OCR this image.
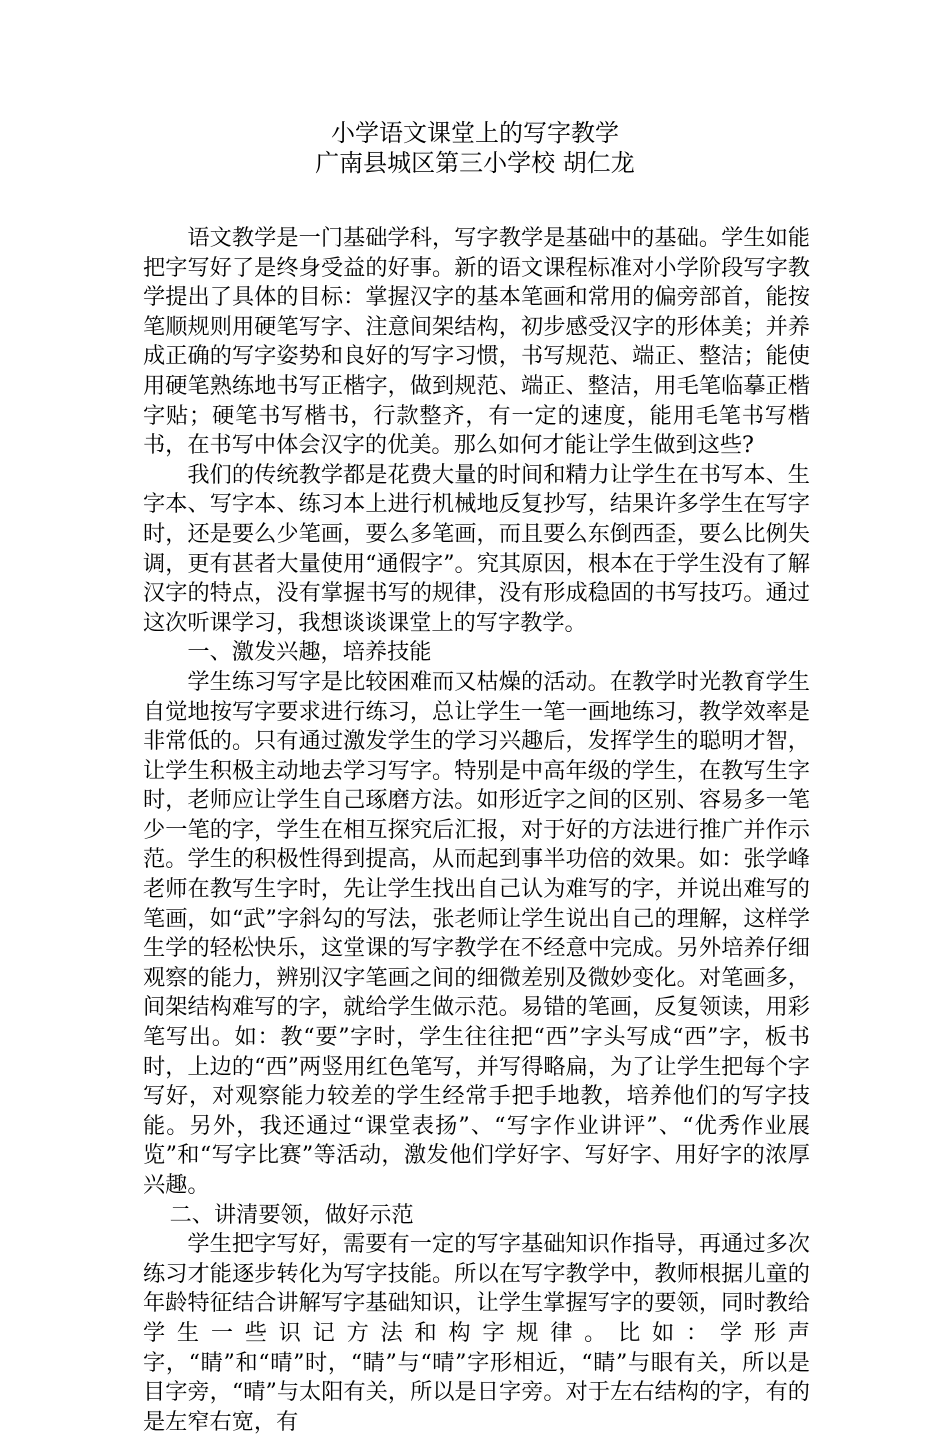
小学语文课堂上的写字教学
广南县城区第三小学校 胡仁龙

语文教学是一门基础学科，写字教学是基础中的基础。学生如能把字写好了是终身受益的好事。新的语文课程标准对小学阶段写字教学提出了具体的目标：掌握汉字的基本笔画和常用的偏旁部首，能按笔顺规则用硬笔写字、注意间架结构，初步感受汉字的形体美；并养成正确的写字姿势和良好的写字习惯，书写规范、端正、整洁；能使用硬笔熟练地书写正楷字，做到规范、端正、整洁，用毛笔临摹正楷字贴；硬笔书写楷书，行款整齐，有一定的速度，能用毛笔书写楷书，在书写中体会汉字的优美。那么如何才能让学生做到这些?

我们的传统教学都是花费大量的时间和精力让学生在书写本、生字本、写字本、练习本上进行机械地反复抄写，结果许多学生在写字时，还是要么少笔画，要么多笔画，而且要么东倒西歪，要么比例失调，更有甚者大量使用“通假字”。究其原因，根本在于学生没有了解汉字的特点，没有掌握书写的规律，没有形成稳固的书写技巧。通过这次听课学习，我想谈谈课堂上的写字教学。

一、激发兴趣，培养技能

学生练习写字是比较困难而又枯燥的活动。在教学时光教育学生自觉地按写字要求进行练习，总让学生一笔一画地练习，教学效率是非常低的。只有通过激发学生的学习兴趣后，发挥学生的聪明才智，让学生积极主动地去学习写字。特别是中高年级的学生，在教写生字时，老师应让学生自己琢磨方法。如形近字之间的区别、容易多一笔少一笔的字，学生在相互探究后汇报，对于好的方法进行推广并作示范。学生的积极性得到提高，从而起到事半功倍的效果。如：张学峰老师在教写生字时，先让学生找出自己认为难写的字，并说出难写的笔画，如“武”字斜勾的写法，张老师让学生说出自己的理解，这样学生学的轻松快乐，这堂课的写字教学在不经意中完成。另外培养仔细观察的能力，辨别汉字笔画之间的细微差别及微妙变化。对笔画多，间架结构难写的字，就给学生做示范。易错的笔画，反复领读，用彩笔写出。如：教“要”字时，学生往往把“西”字头写成“西”字，板书时，上边的“西”两竖用红色笔写，并写得略扁，为了让学生把每个字写好，对观察能力较差的学生经常手把手地教，培养他们的写字技能。另外，我还通过“课堂表扬”、“写字作业讲评”、“优秀作业展览”和“写字比赛”等活动，激发他们学好字、写好字、用好字的浓厚兴趣。

二、讲清要领，做好示范

学生把字写好，需要有一定的写字基础知识作指导，再通过多次练习才能逐步转化为写字技能。所以在写字教学中，教师根据儿童的年龄特征结合讲解写字基础知识，让学生掌握写字的要领，同时教给学生一些识记方法和构字规律。比如：学形声字，“睛”和“晴”时，“睛”与“晴”字形相近，“睛”与眼有关，所以是目字旁，“晴”与太阳有关，所以是日字旁。对于左右结构的字，有的是左窄右宽，有
